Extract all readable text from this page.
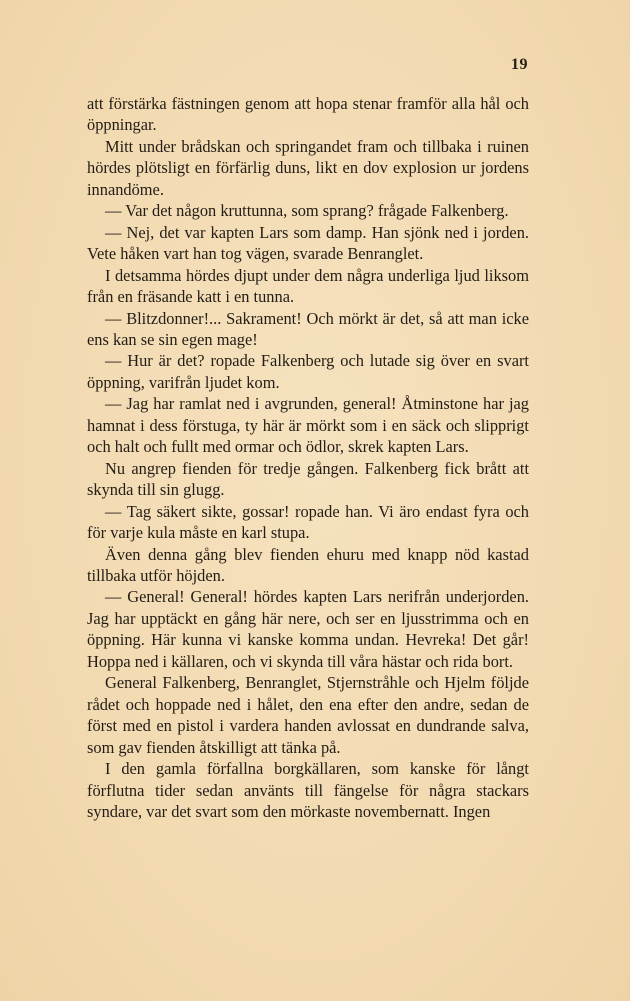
19

att förstärka fästningen genom att hopa stenar framför alla hål och öppningar.

Mitt under brådskan och springandet fram och tillbaka i ruinen hördes plötsligt en förfärlig duns, likt en dov explosion ur jordens innandöme.

— Var det någon kruttunna, som sprang? frågade Falkenberg.

— Nej, det var kapten Lars som damp. Han sjönk ned i jorden. Vete håken vart han tog vägen, svarade Benranglet.

I detsamma hördes djupt under dem några underliga ljud liksom från en fräsande katt i en tunna.

— Blitzdonner!... Sakrament! Och mörkt är det, så att man icke ens kan se sin egen mage!

— Hur är det? ropade Falkenberg och lutade sig över en svart öppning, varifrån ljudet kom.

— Jag har ramlat ned i avgrunden, general! Åtminstone har jag hamnat i dess förstuga, ty här är mörkt som i en säck och slipprigt och halt och fullt med ormar och ödlor, skrek kapten Lars.

Nu angrep fienden för tredje gången. Falkenberg fick brått att skynda till sin glugg.

— Tag säkert sikte, gossar! ropade han. Vi äro endast fyra och för varje kula måste en karl stupa.

Även denna gång blev fienden ehuru med knapp nöd kastad tillbaka utför höjden.

— General! General! hördes kapten Lars nerifrån underjorden. Jag har upptäckt en gång här nere, och ser en ljusstrimma och en öppning. Här kunna vi kanske komma undan. Hevreka! Det går! Hoppa ned i källaren, och vi skynda till våra hästar och rida bort.

General Falkenberg, Benranglet, Stjernstråhle och Hjelm följde rådet och hoppade ned i hålet, den ena efter den andre, sedan de först med en pistol i vardera handen avlossat en dundrande salva, som gav fienden åtskilligt att tänka på.

I den gamla förfallna borgkällaren, som kanske för långt förflutna tider sedan använts till fängelse för några stackars syndare, var det svart som den mörkaste novembernatt. Ingen
